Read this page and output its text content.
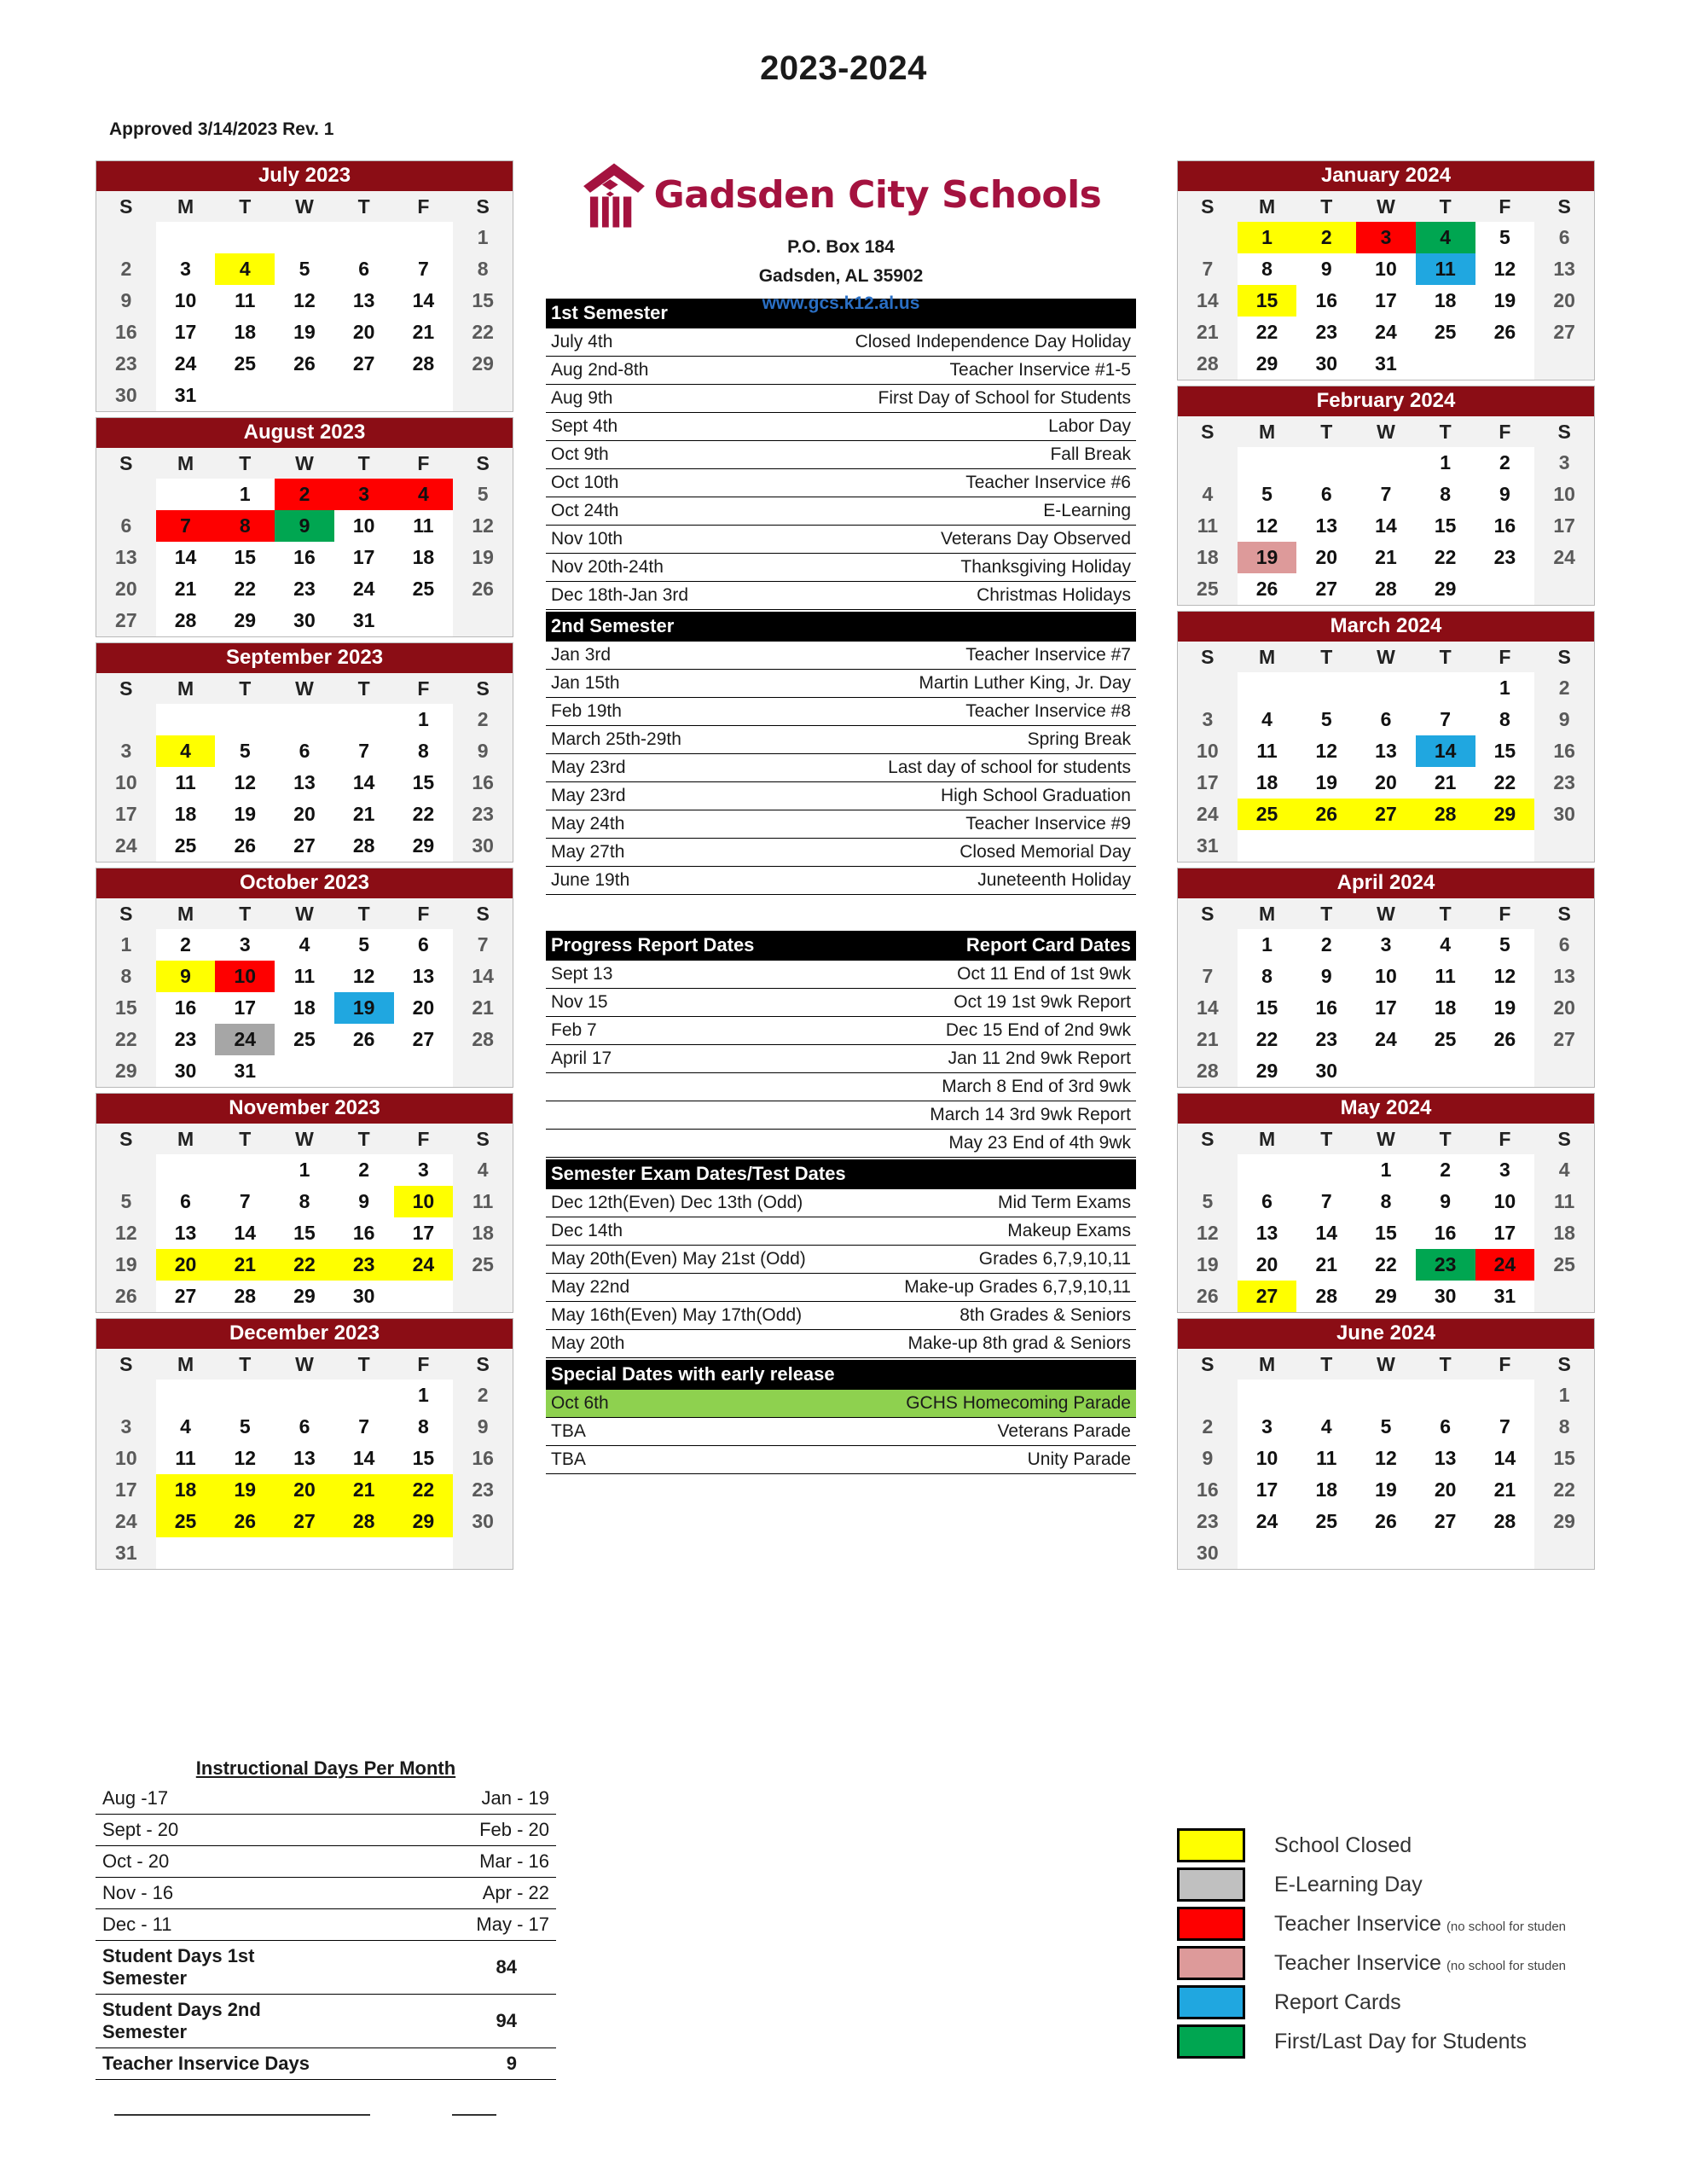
2023-2024
Approved 3/14/2023 Rev. 1
July 2023
S	M	T	W	T	F	S
						1
2	3	4	5	6	7	8
9	10	11	12	13	14	15
16	17	18	19	20	21	22
23	24	25	26	27	28	29
30	31					
August 2023
S	M	T	W	T	F	S
		1	2	3	4	5
6	7	8	9	10	11	12
13	14	15	16	17	18	19
20	21	22	23	24	25	26
27	28	29	30	31		
September 2023
S	M	T	W	T	F	S
					1	2
3	4	5	6	7	8	9
10	11	12	13	14	15	16
17	18	19	20	21	22	23
24	25	26	27	28	29	30
October 2023
S	M	T	W	T	F	S
1	2	3	4	5	6	7
8	9	10	11	12	13	14
15	16	17	18	19	20	21
22	23	24	25	26	27	28
29	30	31				
November 2023
S	M	T	W	T	F	S
			1	2	3	4
5	6	7	8	9	10	11
12	13	14	15	16	17	18
19	20	21	22	23	24	25
26	27	28	29	30		
December 2023
S	M	T	W	T	F	S
					1	2
3	4	5	6	7	8	9
10	11	12	13	14	15	16
17	18	19	20	21	22	23
24	25	26	27	28	29	30
31						
Gadsden City Schools
P.O. Box 184
Gadsden, AL 35902
www.gcs.k12.al.us
1st Semester	
July 4th	Closed Independence Day Holiday
Aug 2nd-8th	Teacher Inservice #1-5
Aug 9th	First Day of School for Students
Sept 4th	Labor Day
Oct 9th	Fall Break
Oct 10th	Teacher Inservice #6
Oct 24th	E-Learning
Nov 10th	Veterans Day Observed
Nov 20th-24th	Thanksgiving Holiday
Dec 18th-Jan 3rd	Christmas Holidays
2nd Semester	
Jan 3rd	Teacher Inservice #7
Jan 15th	Martin Luther King, Jr. Day
Feb 19th	Teacher Inservice #8
March 25th-29th	Spring Break
May 23rd	Last day of school for students
May 23rd	High School Graduation
May 24th	Teacher Inservice #9
May 27th	Closed Memorial Day
June 19th	Juneteenth Holiday
Progress Report Dates	Report Card Dates
Sept 13	Oct 11 End of 1st 9wk
Nov 15	Oct 19 1st 9wk Report
Feb 7	Dec 15 End of 2nd 9wk
April 17	Jan 11 2nd 9wk Report
	March 8 End of 3rd 9wk
	March 14 3rd 9wk Report
	May 23 End of 4th 9wk
Semester Exam Dates/Test Dates	
Dec 12th(Even) Dec 13th (Odd)	Mid Term Exams
Dec 14th	Makeup Exams
May 20th(Even) May 21st (Odd)	Grades 6,7,9,10,11
May 22nd	Make-up Grades 6,7,9,10,11
May 16th(Even) May 17th(Odd)	8th Grades & Seniors
May 20th	Make-up 8th grad & Seniors
Special Dates with early release	
Oct 6th	GCHS Homecoming Parade
TBA	Veterans Parade
TBA	Unity Parade
January 2024
S	M	T	W	T	F	S
	1	2	3	4	5	6
7	8	9	10	11	12	13
14	15	16	17	18	19	20
21	22	23	24	25	26	27
28	29	30	31			
February 2024
S	M	T	W	T	F	S
				1	2	3
4	5	6	7	8	9	10
11	12	13	14	15	16	17
18	19	20	21	22	23	24
25	26	27	28	29		
March 2024
S	M	T	W	T	F	S
					1	2
3	4	5	6	7	8	9
10	11	12	13	14	15	16
17	18	19	20	21	22	23
24	25	26	27	28	29	30
31						
April 2024
S	M	T	W	T	F	S
	1	2	3	4	5	6
7	8	9	10	11	12	13
14	15	16	17	18	19	20
21	22	23	24	25	26	27
28	29	30				
May 2024
S	M	T	W	T	F	S
			1	2	3	4
5	6	7	8	9	10	11
12	13	14	15	16	17	18
19	20	21	22	23	24	25
26	27	28	29	30	31	
June 2024
S	M	T	W	T	F	S
						1
2	3	4	5	6	7	8
9	10	11	12	13	14	15
16	17	18	19	20	21	22
23	24	25	26	27	28	29
30						
Instructional Days Per Month
Aug -17	Jan - 19
Sept - 20	Feb - 20
Oct - 20	Mar - 16
Nov - 16	Apr - 22
Dec - 11	May - 17
Student Days 1st Semester	84
Student Days 2nd Semester	94
Teacher Inservice Days	9
School Closed
E-Learning Day
Teacher Inservice (no school for studen
Teacher Inservice (no school for studen
Report Cards
First/Last Day for Students
